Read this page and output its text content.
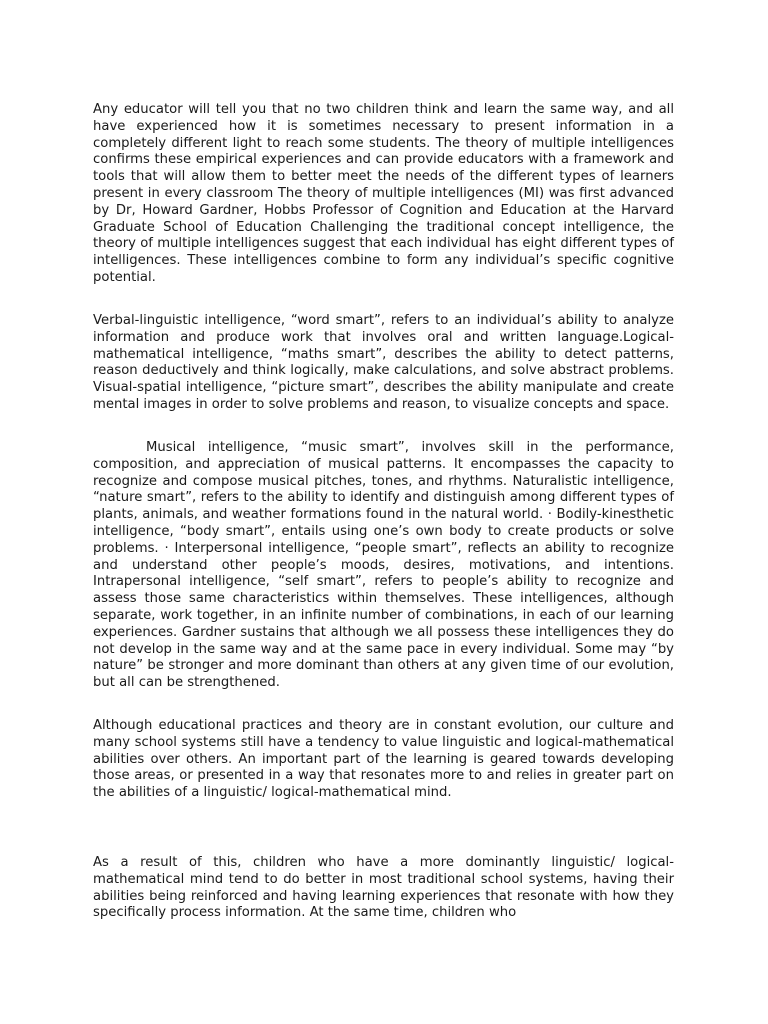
Any educator will tell you that no two children think and learn the same way, and all have experienced how it is sometimes necessary to present information in a completely different light to reach some students. The theory of multiple intelligences confirms these empirical experiences and can provide educators with a framework and tools that will allow them to better meet the needs of the different types of learners present in every classroom The theory of multiple intelligences (MI) was first advanced by Dr, Howard Gardner, Hobbs Professor of Cognition and Education at the Harvard Graduate School of Education Challenging the traditional concept intelligence, the theory of multiple intelligences suggest that each individual has eight different types of intelligences. These intelligences combine to form any individual’s specific cognitive potential.

Verbal-linguistic intelligence, “word smart”, refers to an individual’s ability to analyze information and produce work that involves oral and written language.Logical-mathematical intelligence, “maths smart”, describes the ability to detect patterns, reason deductively and think logically, make calculations, and solve abstract problems. Visual-spatial intelligence, “picture smart”, describes the ability manipulate and create mental images in order to solve problems and reason, to visualize concepts and space.

Musical intelligence, “music smart”, involves skill in the performance, composition, and appreciation of musical patterns. It encompasses the capacity to recognize and compose musical pitches, tones, and rhythms. Naturalistic intelligence, “nature smart”, refers to the ability to identify and distinguish among different types of plants, animals, and weather formations found in the natural world. · Bodily-kinesthetic intelligence, “body smart”, entails using one’s own body to create products or solve problems. · Interpersonal intelligence, “people smart”, reflects an ability to recognize and understand other people’s moods, desires, motivations, and intentions. Intrapersonal intelligence, “self smart”, refers to people’s ability to recognize and assess those same characteristics within themselves. These intelligences, although separate, work together, in an infinite number of combinations, in each of our learning experiences. Gardner sustains that although we all possess these intelligences they do not develop in the same way and at the same pace in every individual. Some may “by nature” be stronger and more dominant than others at any given time of our evolution, but all can be strengthened.

Although educational practices and theory are in constant evolution, our culture and many school systems still have a tendency to value linguistic and logical-mathematical abilities over others. An important part of the learning is geared towards developing those areas, or presented in a way that resonates more to and relies in greater part on the abilities of a linguistic/ logical-mathematical mind.

As a result of this, children who have a more dominantly linguistic/ logical-mathematical mind tend to do better in most traditional school systems, having their abilities being reinforced and having learning experiences that resonate with how they specifically process information. At the same time, children who
